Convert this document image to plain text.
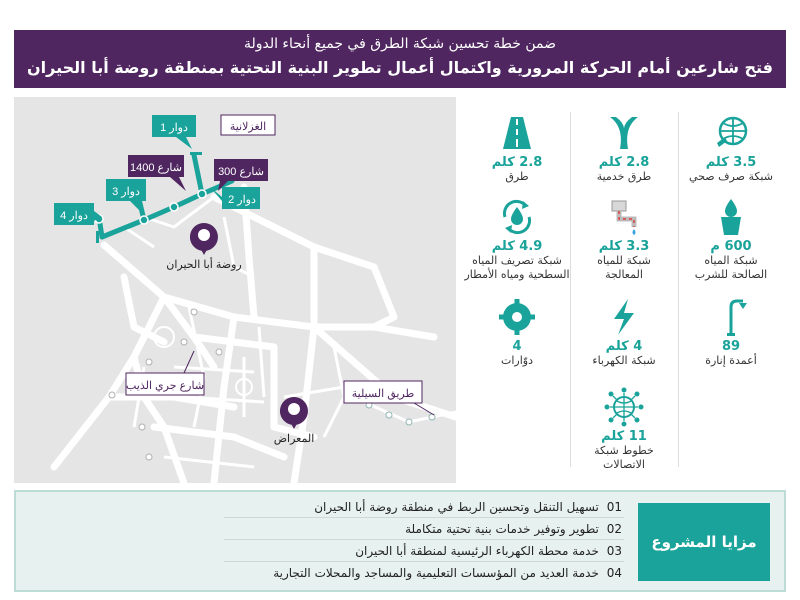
ضمن خطة تحسين شبكة الطرق في جميع أنحاء الدولة
فتح شارعين أمام الحركة المرورية واكتمال أعمال تطوير البنية التحتية بمنطقة روضة أبا الحيران
دوار 1
دوار 2
دوار 3
دوار 4
شارع 1400	شارع 300
الغزلانية
شارع جري الذيب
طريق السيلية
روضة أبا الحيران
المعراض
3.5 كلم
شبكة صرف صحي
2.8 كلم
طرق خدمية
2.8 كلم
طرق
600 م
شبكة المياه
الصالحة للشرب
3.3 كلم
شبكة للمياه
المعالجة
4.9 كلم
شبكة تصريف المياه
السطحية ومياه الأمطار
89
أعمدة إنارة
4 كلم
شبكة الكهرباء
4
دوّارات
11 كلم
خطوط شبكة
الاتصالات
مزايا المشروع
01 تسهيل التنقل وتحسين الربط في منطقة روضة أبا الحيران
02 تطوير وتوفير خدمات بنية تحتية متكاملة
03 خدمة محطة الكهرباء الرئيسية لمنطقة أبا الحيران
04 خدمة العديد من المؤسسات التعليمية والمساجد والمحلات التجارية
